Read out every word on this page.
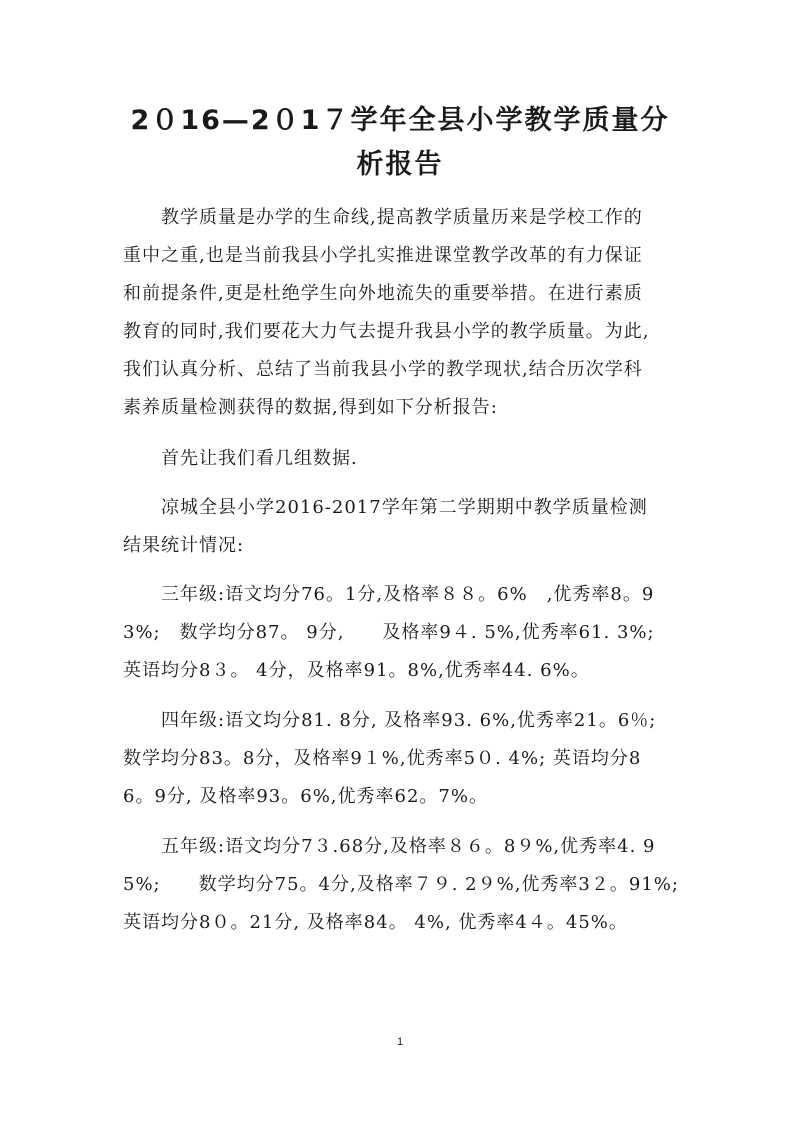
2０16—2０1７学年全县小学教学质量分
析报告

教学质量是办学的生命线,提高教学质量历来是学校工作的
重中之重,也是当前我县小学扎实推进课堂教学改革的有力保证
和前提条件,更是杜绝学生向外地流失的重要举措。在进行素质
教育的同时,我们要花大力气去提升我县小学的教学质量。为此,
我们认真分析、总结了当前我县小学的教学现状,结合历次学科
素养质量检测获得的数据,得到如下分析报告:

首先让我们看几组数据.

凉城全县小学2016-2017学年第二学期期中教学质量检测
结果统计情况:

三年级:语文均分76。1分,及格率８８。6%　,优秀率8。9
3%;　数学均分87。 9分,　　及格率9４. 5%,优秀率61. 3%;
英语均分8３。 4分，及格率91。8%,优秀率44. 6%。

四年级:语文均分81. 8分, 及格率93. 6%,优秀率21。6％;
数学均分83。8分，及格率9１%,优秀率5０. 4%; 英语均分8
6。9分, 及格率93。6%,优秀率62。7%。

五年级:语文均分7３.68分,及格率８６。8９%,优秀率4. 9
5%;　　数学均分75。4分,及格率７９. 2９%,优秀率3２。91%;
英语均分8０。21分, 及格率84。 4%, 优秀率4４。45%。

1
